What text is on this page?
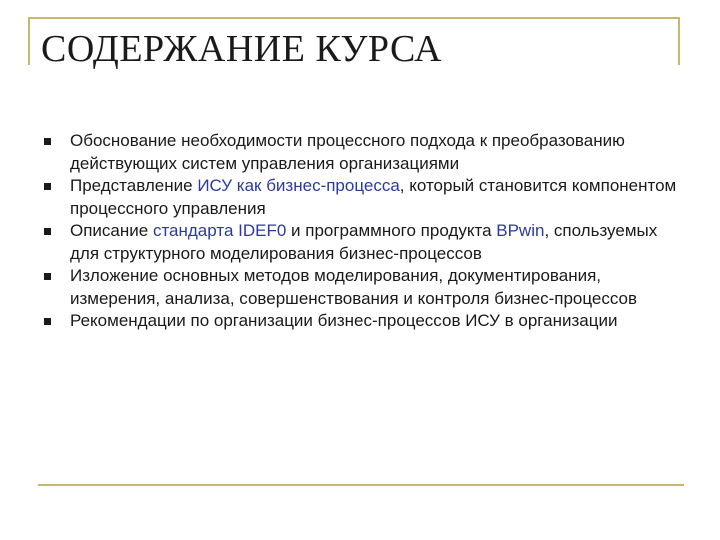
СОДЕРЖАНИЕ КУРСА
Обоснование необходимости процессного подхода к преобразованию действующих систем управления организациями
Представление ИСУ как бизнес-процесса, который становится компонентом процессного управления
Описание стандарта IDEF0 и программного продукта BPwin, спользуемых для структурного моделирования бизнес-процессов
Изложение основных методов моделирования, документирования, измерения, анализа, совершенствования и контроля бизнес-процессов
Рекомендации по организации бизнес-процессов ИСУ в организации
